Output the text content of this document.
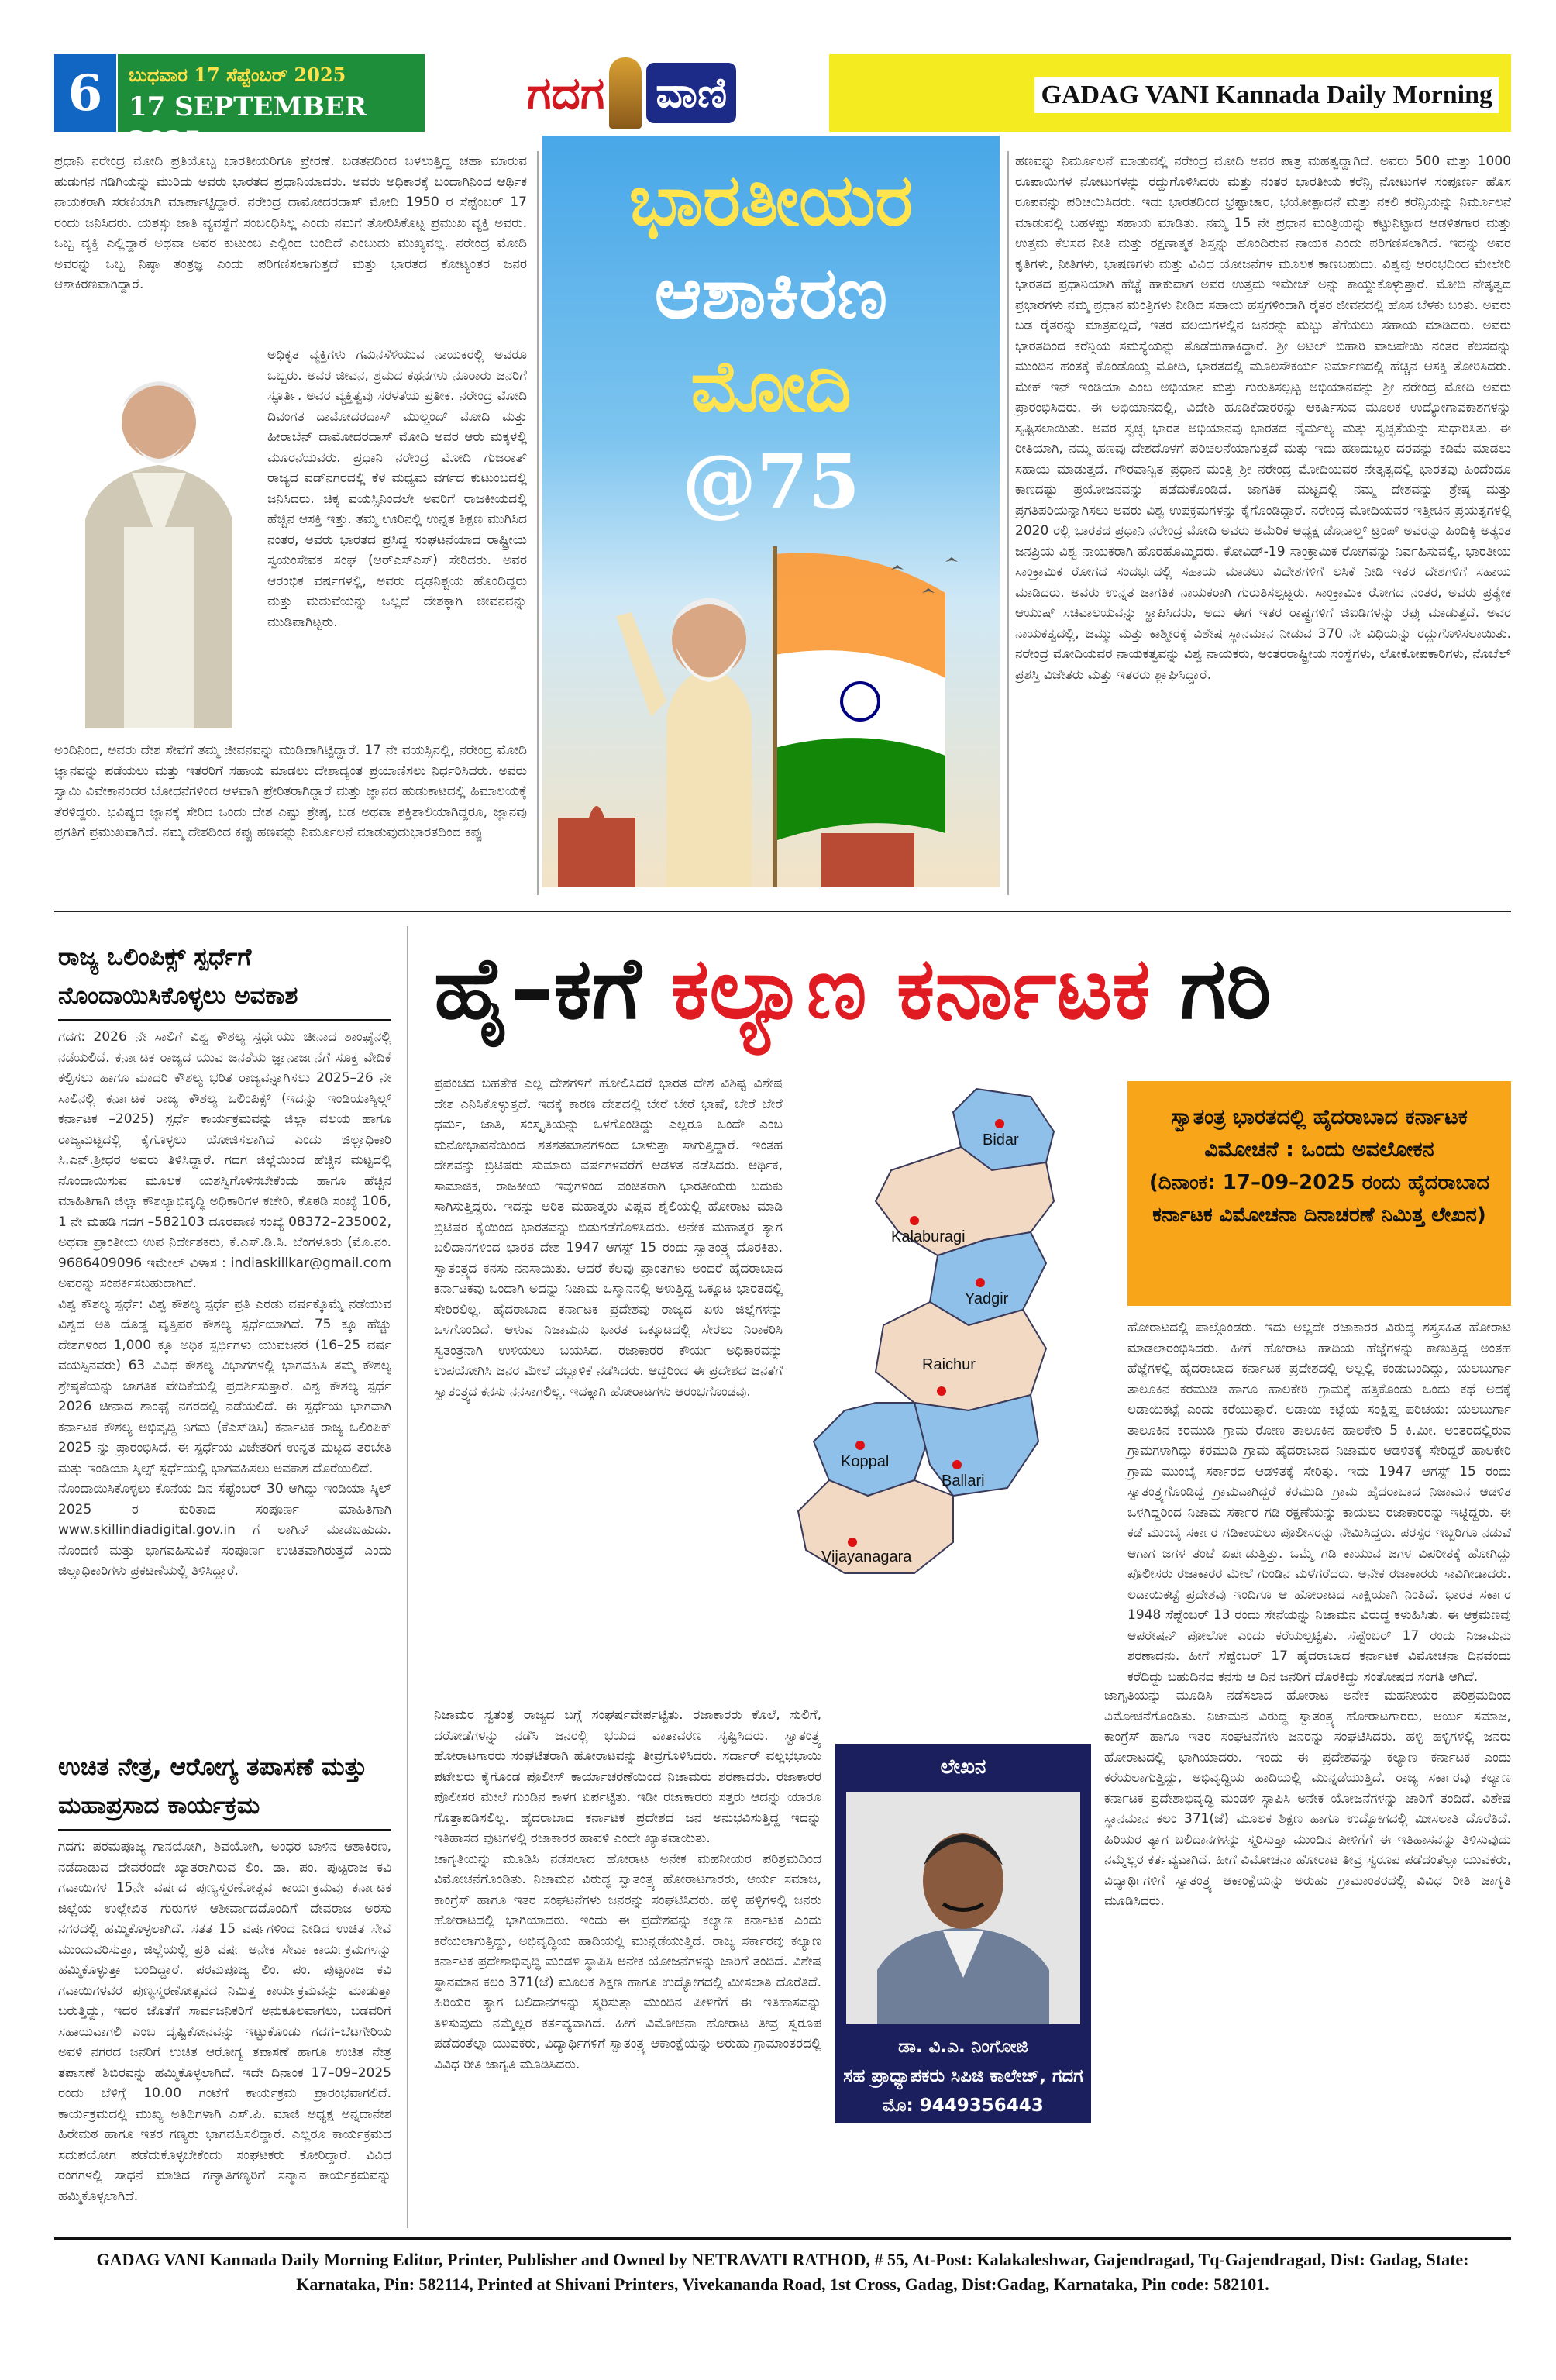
6	ಬುಧವಾರ 17 ಸೆಪ್ಟೆಂಬರ್ 2025
17 SEPTEMBER 2025
ಗದಗ ವಾಣಿ	GADAG VANI Kannada Daily Morning

ಪ್ರಧಾನಿ ನರೇಂದ್ರ ಮೋದಿ ಪ್ರತಿಯೊಬ್ಬ ಭಾರತೀಯರಿಗೂ ಪ್ರೇರಣೆ. ಬಡತನದಿಂದ ಬಳಲುತ್ತಿದ್ದ ಚಹಾ ಮಾರುವ ಹುಡುಗನ ಗಡಿಗಿಯನ್ನು ಮುರಿದು ಅವರು ಭಾರತದ ಪ್ರಧಾನಿಯಾದರು. ಅವರು ಅಧಿಕಾರಕ್ಕೆ ಬಂದಾಗಿನಿಂದ ಆರ್ಥಿಕ ನಾಯಕರಾಗಿ ಸರಣಿಯಾಗಿ ಮಾರ್ಪಾಟ್ಟಿದ್ದಾರೆ. ನರೇಂದ್ರ ದಾಮೋದರದಾಸ್ ಮೋದಿ 1950 ರ ಸೆಪ್ಟೆಂಬರ್ 17 ರಂದು ಜನಿಸಿದರು. ಯಶಸ್ಸು ಜಾತಿ ವ್ಯವಸ್ಥೆಗೆ ಸಂಬಂಧಿಸಿಲ್ಲ ಎಂದು ನಮಗೆ ತೋರಿಸಿಕೊಟ್ಟ ಪ್ರಮುಖ ವ್ಯಕ್ತಿ ಅವರು. ಒಬ್ಬ ವ್ಯಕ್ತಿ ಎಲ್ಲಿದ್ದಾರೆ ಅಥವಾ ಅವರ ಕುಟುಂಬ ಎಲ್ಲಿಂದ ಬಂದಿದೆ ಎಂಬುದು ಮುಖ್ಯವಲ್ಲ. ನರೇಂದ್ರ ಮೋದಿ ಅವರನ್ನು ಒಬ್ಬ ನಿಷ್ಠಾ ತಂತ್ರಜ್ಞ ಎಂದು ಪರಿಗಣಿಸಲಾಗುತ್ತದೆ ಮತ್ತು ಭಾರತದ ಕೋಟ್ಯಂತರ ಜನರ ಆಶಾಕಿರಣವಾಗಿದ್ದಾರೆ.

ಅಧಿಕೃತ ವ್ಯಕ್ತಿಗಳು ಗಮನಸೆಳೆಯುವ ನಾಯಕರಲ್ಲಿ ಅವರೂ ಒಬ್ಬರು. ಅವರ ಜೀವನ, ಶ್ರಮದ ಕಥನಗಳು ನೂರಾರು ಜನರಿಗೆ ಸ್ಫೂರ್ತಿ. ಅವರ ವ್ಯಕ್ತಿತ್ವವು ಸರಳತೆಯ ಪ್ರತೀಕ. ನರೇಂದ್ರ ಮೋದಿ ದಿವಂಗತ ದಾಮೋದರದಾಸ್ ಮುಲ್ಚಂದ್ ಮೋದಿ ಮತ್ತು ಹೀರಾಬೆನ್ ದಾಮೋದರದಾಸ್ ಮೋದಿ ಅವರ ಆರು ಮಕ್ಕಳಲ್ಲಿ ಮೂರನೆಯವರು. ಪ್ರಧಾನಿ ನರೇಂದ್ರ ಮೋದಿ ಗುಜರಾತ್ ರಾಜ್ಯದ ವಡ್‌ನಗರದಲ್ಲಿ ಕೆಳ ಮಧ್ಯಮ ವರ್ಗದ ಕುಟುಂಬದಲ್ಲಿ ಜನಿಸಿದರು. ಚಿಕ್ಕ ವಯಸ್ಸಿನಿಂದಲೇ ಅವರಿಗೆ ರಾಜಕೀಯದಲ್ಲಿ ಹೆಚ್ಚಿನ ಆಸಕ್ತಿ ಇತ್ತು. ತಮ್ಮ ಊರಿನಲ್ಲಿ ಉನ್ನತ ಶಿಕ್ಷಣ ಮುಗಿಸಿದ ನಂತರ, ಅವರು ಭಾರತದ ಪ್ರಸಿದ್ಧ ಸಂಘಟನೆಯಾದ ರಾಷ್ಟ್ರೀಯ ಸ್ವಯಂಸೇವಕ ಸಂಘ (ಆರ್‌ಎಸ್‌ಎಸ್) ಸೇರಿದರು. ಅವರ ಆರಂಭಿಕ ವರ್ಷಗಳಲ್ಲಿ, ಅವರು ದೃಢನಿಶ್ಚಯ ಹೊಂದಿದ್ದರು ಮತ್ತು ಮದುವೆಯನ್ನು ಒಲ್ಲದೆ ದೇಶಕ್ಕಾಗಿ ಜೀವನವನ್ನು ಮುಡಿಪಾಗಿಟ್ಟರು.

ಅಂದಿನಿಂದ, ಅವರು ದೇಶ ಸೇವೆಗೆ ತಮ್ಮ ಜೀವನವನ್ನು ಮುಡಿಪಾಗಿಟ್ಟಿದ್ದಾರೆ. 17 ನೇ ವಯಸ್ಸಿನಲ್ಲಿ, ನರೇಂದ್ರ ಮೋದಿ ಜ್ಞಾನವನ್ನು ಪಡೆಯಲು ಮತ್ತು ಇತರರಿಗೆ ಸಹಾಯ ಮಾಡಲು ದೇಶಾದ್ಯಂತ ಪ್ರಯಾಣಿಸಲು ನಿರ್ಧರಿಸಿದರು. ಅವರು ಸ್ವಾಮಿ ವಿವೇಕಾನಂದರ ಬೋಧನೆಗಳಿಂದ ಆಳವಾಗಿ ಪ್ರೇರಿತರಾಗಿದ್ದಾರೆ ಮತ್ತು ಜ್ಞಾನದ ಹುಡುಕಾಟದಲ್ಲಿ ಹಿಮಾಲಯಕ್ಕೆ ತೆರಳಿದ್ದರು. ಭವಿಷ್ಯದ ಜ್ಞಾನಕ್ಕೆ ಸೇರಿದ ಒಂದು ದೇಶ ಎಷ್ಟು ಶ್ರೇಷ್ಠ, ಬಡ ಅಥವಾ ಶಕ್ತಿಶಾಲಿಯಾಗಿದ್ದರೂ, ಜ್ಞಾನವು ಪ್ರಗತಿಗೆ ಪ್ರಮುಖವಾಗಿದೆ. ನಮ್ಮ ದೇಶದಿಂದ ಕಪ್ಪು ಹಣವನ್ನು ನಿರ್ಮೂಲನೆ ಮಾಡುವುದುಭಾರತದಿಂದ ಕಪ್ಪು

ಭಾರತೀಯರ
ಆಶಾಕಿರಣ
ಮೋದಿ
@75

ಹಣವನ್ನು ನಿರ್ಮೂಲನೆ ಮಾಡುವಲ್ಲಿ ನರೇಂದ್ರ ಮೋದಿ ಅವರ ಪಾತ್ರ ಮಹತ್ವದ್ದಾಗಿದೆ. ಅವರು 500 ಮತ್ತು 1000 ರೂಪಾಯಿಗಳ ನೋಟುಗಳನ್ನು ರದ್ದುಗೊಳಿಸಿದರು ಮತ್ತು ನಂತರ ಭಾರತೀಯ ಕರೆನ್ಸಿ ನೋಟುಗಳ ಸಂಪೂರ್ಣ ಹೊಸ ರೂಪವನ್ನು ಪರಿಚಯಿಸಿದರು. ಇದು ಭಾರತದಿಂದ ಭ್ರಷ್ಟಾಚಾರ, ಭಯೋತ್ಪಾದನೆ ಮತ್ತು ನಕಲಿ ಕರೆನ್ಸಿಯನ್ನು ನಿರ್ಮೂಲನೆ ಮಾಡುವಲ್ಲಿ ಬಹಳಷ್ಟು ಸಹಾಯ ಮಾಡಿತು. ನಮ್ಮ 15 ನೇ ಪ್ರಧಾನ ಮಂತ್ರಿಯನ್ನು ಕಟ್ಟುನಿಟ್ಟಾದ ಆಡಳಿತಗಾರ ಮತ್ತು ಉತ್ತಮ ಕೆಲಸದ ನೀತಿ ಮತ್ತು ರಕ್ಷಣಾತ್ಮಕ ಶಿಸ್ತನ್ನು ಹೊಂದಿರುವ ನಾಯಕ ಎಂದು ಪರಿಗಣಿಸಲಾಗಿದೆ. ಇದನ್ನು ಅವರ ಕೃತಿಗಳು, ನೀತಿಗಳು, ಭಾಷಣಗಳು ಮತ್ತು ವಿವಿಧ ಯೋಜನೆಗಳ ಮೂಲಕ ಕಾಣಬಹುದು. ವಿಶ್ವವು ಆರಂಭದಿಂದ ಮೇಲೇರಿ ಭಾರತದ ಪ್ರಧಾನಿಯಾಗಿ ಹೆಚ್ಚೆ ಹಾಕುವಾಗ ಅವರ ಉತ್ತಮ ಇಮೇಜ್ ಅನ್ನು ಕಾಯ್ದುಕೊಳ್ಳುತ್ತಾರೆ. ಮೋದಿ ನೇತೃತ್ವದ ಪ್ರಭಾರಗಳು ನಮ್ಮ ಪ್ರಧಾನ ಮಂತ್ರಿಗಳು ನೀಡಿದ ಸಹಾಯ ಹಸ್ತಗಳಿಂದಾಗಿ ರೈತರ ಜೀವನದಲ್ಲಿ ಹೊಸ ಬೆಳಕು ಬಂತು. ಅವರು ಬಡ ರೈತರನ್ನು ಮಾತ್ರವಲ್ಲದೆ, ಇತರ ವಲಯಗಳಲ್ಲಿನ ಜನರನ್ನು ಮಬ್ಬು ತೆಗೆಯಲು ಸಹಾಯ ಮಾಡಿದರು. ಅವರು ಭಾರತದಿಂದ ಕರೆನ್ಸಿಯ ಸಮಸ್ಯೆಯನ್ನು ತೊಡೆದುಹಾಕಿದ್ದಾರೆ. ಶ್ರೀ ಅಟಲ್ ಬಿಹಾರಿ ವಾಜಪೇಯಿ ನಂತರ ಕೆಲಸವನ್ನು ಮುಂದಿನ ಹಂತಕ್ಕೆ ಕೊಂಡೊಯ್ದ ಮೋದಿ, ಭಾರತದಲ್ಲಿ ಮೂಲಸೌಕರ್ಯ ನಿರ್ಮಾಣದಲ್ಲಿ ಹೆಚ್ಚಿನ ಆಸಕ್ತಿ ತೋರಿಸಿದರು. ಮೇಕ್ ಇನ್ ಇಂಡಿಯಾ ಎಂಬ ಅಭಿಯಾನ ಮತ್ತು ಗುರುತಿಸಲ್ಪಟ್ಟ ಅಭಿಯಾನವನ್ನು ಶ್ರೀ ನರೇಂದ್ರ ಮೋದಿ ಅವರು ಪ್ರಾರಂಭಿಸಿದರು. ಈ ಅಭಿಯಾನದಲ್ಲಿ, ವಿದೇಶಿ ಹೂಡಿಕೆದಾರರನ್ನು ಆಕರ್ಷಿಸುವ ಮೂಲಕ ಉದ್ಯೋಗಾವಕಾಶಗಳನ್ನು ಸೃಷ್ಟಿಸಲಾಯಿತು. ಅವರ ಸ್ವಚ್ಛ ಭಾರತ ಅಭಿಯಾನವು ಭಾರತದ ನೈರ್ಮಲ್ಯ ಮತ್ತು ಸ್ವಚ್ಛತೆಯನ್ನು ಸುಧಾರಿಸಿತು. ಈ ರೀತಿಯಾಗಿ, ನಮ್ಮ ಹಣವು ದೇಶದೊಳಗೆ ಪರಿಚಲನೆಯಾಗುತ್ತದೆ ಮತ್ತು ಇದು ಹಣದುಬ್ಬರ ದರವನ್ನು ಕಡಿಮೆ ಮಾಡಲು ಸಹಾಯ ಮಾಡುತ್ತದೆ. ಗೌರವಾನ್ವಿತ ಪ್ರಧಾನ ಮಂತ್ರಿ ಶ್ರೀ ನರೇಂದ್ರ ಮೋದಿಯವರ ನೇತೃತ್ವದಲ್ಲಿ ಭಾರತವು ಹಿಂದೆಂದೂ ಕಾಣದಷ್ಟು ಪ್ರಯೋಜನವನ್ನು ಪಡೆದುಕೊಂಡಿದೆ. ಜಾಗತಿಕ ಮಟ್ಟದಲ್ಲಿ ನಮ್ಮ ದೇಶವನ್ನು ಶ್ರೇಷ್ಠ ಮತ್ತು ಪ್ರಗತಿಪರಿಯನ್ನಾಗಿಸಲು ಅವರು ವಿಶ್ವ ಉಪಕ್ರಮಗಳನ್ನು ಕೈಗೊಂಡಿದ್ದಾರೆ. ನರೇಂದ್ರ ಮೋದಿಯವರ ಇತ್ತೀಚಿನ ಪ್ರಯತ್ನಗಳಲ್ಲಿ 2020 ರಲ್ಲಿ ಭಾರತದ ಪ್ರಧಾನಿ ನರೇಂದ್ರ ಮೋದಿ ಅವರು ಅಮೆರಿಕ ಅಧ್ಯಕ್ಷ ಡೊನಾಲ್ಡ್ ಟ್ರಂಪ್ ಅವರನ್ನು ಹಿಂದಿಕ್ಕಿ ಅತ್ಯಂತ ಜನಪ್ರಿಯ ವಿಶ್ವ ನಾಯಕರಾಗಿ ಹೊರಹೊಮ್ಮಿದರು. ಕೋವಿಡ್-19 ಸಾಂಕ್ರಾಮಿಕ ರೋಗವನ್ನು ನಿರ್ವಹಿಸುವಲ್ಲಿ, ಭಾರತೀಯ ಸಾಂಕ್ರಾಮಿಕ ರೋಗದ ಸಂದರ್ಭದಲ್ಲಿ ಸಹಾಯ ಮಾಡಲು ವಿದೇಶಗಳಿಗೆ ಲಸಿಕೆ ನೀಡಿ ಇತರ ದೇಶಗಳಿಗೆ ಸಹಾಯ ಮಾಡಿದರು. ಅವರು ಉನ್ನತ ಜಾಗತಿಕ ನಾಯಕರಾಗಿ ಗುರುತಿಸಲ್ಪಟ್ಟರು. ಸಾಂಕ್ರಾಮಿಕ ರೋಗದ ನಂತರ, ಅವರು ಪ್ರತ್ಯೇಕ ಆಯುಷ್ ಸಚಿವಾಲಯವನ್ನು ಸ್ಥಾಪಿಸಿದರು, ಅದು ಈಗ ಇತರ ರಾಷ್ಟ್ರಗಳಿಗೆ ಜಿಐಡಿಗಳನ್ನು ರಫ್ತು ಮಾಡುತ್ತದೆ. ಅವರ ನಾಯಕತ್ವದಲ್ಲಿ, ಜಮ್ಮು ಮತ್ತು ಕಾಶ್ಮೀರಕ್ಕೆ ವಿಶೇಷ ಸ್ಥಾನಮಾನ ನೀಡುವ 370 ನೇ ವಿಧಿಯನ್ನು ರದ್ದುಗೊಳಿಸಲಾಯಿತು. ನರೇಂದ್ರ ಮೋದಿಯವರ ನಾಯಕತ್ವವನ್ನು ವಿಶ್ವ ನಾಯಕರು, ಅಂತರರಾಷ್ಟ್ರೀಯ ಸಂಸ್ಥೆಗಳು, ಲೋಕೋಪಕಾರಿಗಳು, ನೊಬೆಲ್ ಪ್ರಶಸ್ತಿ ವಿಜೇತರು ಮತ್ತು ಇತರರು ಶ್ಲಾಘಿಸಿದ್ದಾರೆ.

ರಾಜ್ಯ ಒಲಿಂಪಿಕ್ಸ್ ಸ್ಪರ್ಧೆಗೆ ನೊಂದಾಯಿಸಿಕೊಳ್ಳಲು ಅವಕಾಶ

ಗದಗ: 2026 ನೇ ಸಾಲಿಗೆ ವಿಶ್ವ ಕೌಶಲ್ಯ ಸ್ಪರ್ಧೆಯು ಚೀನಾದ ಶಾಂಘೈನಲ್ಲಿ ನಡೆಯಲಿದೆ. ಕರ್ನಾಟಕ ರಾಜ್ಯದ ಯುವ ಜನತೆಯ ಜ್ಞಾನಾರ್ಜನೆಗೆ ಸೂಕ್ತ ವೇದಿಕೆ ಕಲ್ಪಿಸಲು ಹಾಗೂ ಮಾದರಿ ಕೌಶಲ್ಯ ಭರಿತ ರಾಜ್ಯವನ್ನಾಗಿಸಲು 2025–26 ನೇ ಸಾಲಿನಲ್ಲಿ ಕರ್ನಾಟಕ ರಾಜ್ಯ ಕೌಶಲ್ಯ ಒಲಿಂಪಿಕ್ಸ್ (ಇದನ್ನು ಇಂಡಿಯಾಸ್ಕಿಲ್ಸ್ ಕರ್ನಾಟಕ –2025) ಸ್ಪರ್ಧೆ ಕಾರ್ಯಕ್ರಮವನ್ನು ಜಿಲ್ಲಾ ವಲಯ ಹಾಗೂ ರಾಜ್ಯಮಟ್ಟದಲ್ಲಿ ಕೈಗೊಳ್ಳಲು ಯೋಜಿಸಲಾಗಿದೆ ಎಂದು ಜಿಲ್ಲಾಧಿಕಾರಿ ಸಿ.ಎನ್.ಶ್ರೀಧರ ಅವರು ತಿಳಿಸಿದ್ದಾರೆ. ಗದಗ ಜಿಲ್ಲೆಯಿಂದ ಹೆಚ್ಚಿನ ಮಟ್ಟದಲ್ಲಿ ನೊಂದಾಯಿಸುವ ಮೂಲಕ ಯಶಸ್ವಿಗೊಳಿಸಬೇಕೆಂದು ಹಾಗೂ ಹೆಚ್ಚಿನ ಮಾಹಿತಿಗಾಗಿ ಜಿಲ್ಲಾ ಕೌಶಲ್ಯಾಭಿವೃದ್ಧಿ ಅಧಿಕಾರಿಗಳ ಕಚೇರಿ, ಕೊಠಡಿ ಸಂಖ್ಯೆ 106, 1 ನೇ ಮಹಡಿ ಗದಗ –582103 ದೂರವಾಣಿ ಸಂಖ್ಯೆ 08372–235002, ಅಥವಾ ಪ್ರಾಂತೀಯ ಉಪ ನಿರ್ದೇಶಕರು, ಕೆ.ಎಸ್.ಡಿ.ಸಿ. ಬೆಂಗಳೂರು (ಮೊ.ನಂ. 9686409096 ಇಮೇಲ್ ವಿಳಾಸ : indiaskillkar@gmail.com ಅವರನ್ನು ಸಂಪರ್ಕಿಸಬಹುದಾಗಿದೆ.

ವಿಶ್ವ ಕೌಶಲ್ಯ ಸ್ಪರ್ಧೆ: ವಿಶ್ವ ಕೌಶಲ್ಯ ಸ್ಪರ್ಧೆ ಪ್ರತಿ ಎರಡು ವರ್ಷಕ್ಕೊಮ್ಮೆ ನಡೆಯುವ ವಿಶ್ವದ ಅತಿ ದೊಡ್ಡ ವೃತ್ತಿಪರ ಕೌಶಲ್ಯ ಸ್ಪರ್ಧೆಯಾಗಿದೆ. 75 ಕ್ಕೂ ಹೆಚ್ಚು ದೇಶಗಳಿಂದ 1,000 ಕ್ಕೂ ಅಧಿಕ ಸ್ಪರ್ಧಿಗಳು ಯುವಜನರೆ (16–25 ವರ್ಷ ವಯಸ್ಸಿನವರು) 63 ವಿವಿಧ ಕೌಶಲ್ಯ ವಿಭಾಗಗಳಲ್ಲಿ ಭಾಗವಹಿಸಿ ತಮ್ಮ ಕೌಶಲ್ಯ ಶ್ರೇಷ್ಠತೆಯನ್ನು ಜಾಗತಿಕ ವೇದಿಕೆಯಲ್ಲಿ ಪ್ರದರ್ಶಿಸುತ್ತಾರೆ. ವಿಶ್ವ ಕೌಶಲ್ಯ ಸ್ಪರ್ಧೆ 2026 ಚೀನಾದ ಶಾಂಘೈ ನಗರದಲ್ಲಿ ನಡೆಯಲಿದೆ. ಈ ಸ್ಪರ್ಧೆಯ ಭಾಗವಾಗಿ ಕರ್ನಾಟಕ ಕೌಶಲ್ಯ ಅಭಿವೃದ್ಧಿ ನಿಗಮ (ಕೆಎಸ್‌ಡಿಸಿ) ಕರ್ನಾಟಕ ರಾಜ್ಯ ಒಲಿಂಪಿಕ್ 2025 ನ್ನು ಪ್ರಾರಂಭಿಸಿದೆ. ಈ ಸ್ಪರ್ಧೆಯ ವಿಜೇತರಿಗೆ ಉನ್ನತ ಮಟ್ಟದ ತರಬೇತಿ ಮತ್ತು ಇಂಡಿಯಾ ಸ್ಕಿಲ್ಸ್ ಸ್ಪರ್ಧೆಯಲ್ಲಿ ಭಾಗವಹಿಸಲು ಅವಕಾಶ ದೊರೆಯಲಿದೆ.

ನೊಂದಾಯಿಸಿಕೊಳ್ಳಲು ಕೊನೆಯ ದಿನ ಸೆಪ್ಟೆಂಬರ್ 30 ಆಗಿದ್ದು ಇಂಡಿಯಾ ಸ್ಕಿಲ್ 2025 ರ ಕುರಿತಾದ ಸಂಪೂರ್ಣ ಮಾಹಿತಿಗಾಗಿ www.skillindiadigital.gov.in ಗೆ ಲಾಗಿನ್ ಮಾಡಬಹುದು. ನೊಂದಣಿ ಮತ್ತು ಭಾಗವಹಿಸುವಿಕೆ ಸಂಪೂರ್ಣ ಉಚಿತವಾಗಿರುತ್ತದೆ ಎಂದು ಜಿಲ್ಲಾಧಿಕಾರಿಗಳು ಪ್ರಕಟಣೆಯಲ್ಲಿ ತಿಳಿಸಿದ್ದಾರೆ.

ಉಚಿತ ನೇತ್ರ, ಆರೋಗ್ಯ ತಪಾಸಣೆ ಮತ್ತು ಮಹಾಪ್ರಸಾದ ಕಾರ್ಯಕ್ರಮ

ಗದಗ: ಪರಮಪೂಜ್ಯ ಗಾನಯೋಗಿ, ಶಿವಯೋಗಿ, ಅಂಧರ ಬಾಳಿನ ಆಶಾಕಿರಣ, ನಡೆದಾಡುವ ದೇವರೆಂದೇ ಖ್ಯಾತರಾಗಿರುವ ಲಿಂ. ಡಾ. ಪಂ. ಪುಟ್ಟರಾಜ ಕವಿ ಗವಾಯಿಗಳ 15ನೇ ವರ್ಷದ ಪುಣ್ಯಸ್ಮರಣೋತ್ಸವ ಕಾರ್ಯಕ್ರಮವು ಕರ್ನಾಟಕ ಜಿಲ್ಲೆಯ ಉಲ್ಲೇಖಿತ ಗುರುಗಳ ಆಶೀರ್ವಾದದೊಂದಿಗೆ ದೇವರಾಜ ಅರಸು ನಗರದಲ್ಲಿ ಹಮ್ಮಿಕೊಳ್ಳಲಾಗಿದೆ. ಸತತ 15 ವರ್ಷಗಳಿಂದ ನೀಡಿದ ಉಚಿತ ಸೇವೆ ಮುಂದುವರಿಸುತ್ತಾ, ಜಿಲ್ಲೆಯಲ್ಲಿ ಪ್ರತಿ ವರ್ಷ ಅನೇಕ ಸೇವಾ ಕಾರ್ಯಕ್ರಮಗಳನ್ನು ಹಮ್ಮಿಕೊಳ್ಳುತ್ತಾ ಬಂದಿದ್ದಾರೆ. ಪರಮಪೂಜ್ಯ ಲಿಂ. ಪಂ. ಪುಟ್ಟರಾಜ ಕವಿ ಗವಾಯಿಗಳವರ ಪುಣ್ಯಸ್ಮರಣೋತ್ಸವದ ನಿಮಿತ್ತ ಕಾರ್ಯಕ್ರಮವನ್ನು ಮಾಡುತ್ತಾ ಬರುತ್ತಿದ್ದು, ಇದರ ಜೊತೆಗೆ ಸಾರ್ವಜನಿಕರಿಗೆ ಅನುಕೂಲವಾಗಲು, ಬಡವರಿಗೆ ಸಹಾಯವಾಗಲಿ ಎಂಬ ದೃಷ್ಟಿಕೋನವನ್ನು ಇಟ್ಟುಕೊಂಡು ಗದಗ–ಬೆಟಗೇರಿಯ ಅವಳಿ ನಗರದ ಜನರಿಗೆ ಉಚಿತ ಆರೋಗ್ಯ ತಪಾಸಣೆ ಹಾಗೂ ಉಚಿತ ನೇತ್ರ ತಪಾಸಣೆ ಶಿಬಿರವನ್ನು ಹಮ್ಮಿಕೊಳ್ಳಲಾಗಿದೆ. ಇದೇ ದಿನಾಂಕ 17–09–2025 ರಂದು ಬೆಳಿಗ್ಗೆ 10.00 ಗಂಟೆಗೆ ಕಾರ್ಯಕ್ರಮ ಪ್ರಾರಂಭವಾಗಲಿದೆ. ಕಾರ್ಯಕ್ರಮದಲ್ಲಿ ಮುಖ್ಯ ಅತಿಥಿಗಳಾಗಿ ಎಸ್.ಪಿ. ಮಾಜಿ ಅಧ್ಯಕ್ಷ ಅನ್ನದಾನೇಶ ಹಿರೇಮಠ ಹಾಗೂ ಇತರ ಗಣ್ಯರು ಭಾಗವಹಿಸಲಿದ್ದಾರೆ. ಎಲ್ಲರೂ ಕಾರ್ಯಕ್ರಮದ ಸದುಪಯೋಗ ಪಡೆದುಕೊಳ್ಳಬೇಕೆಂದು ಸಂಘಟಕರು ಕೋರಿದ್ದಾರೆ. ವಿವಿಧ ರಂಗಗಳಲ್ಲಿ ಸಾಧನೆ ಮಾಡಿದ ಗಣ್ಯಾತಿಗಣ್ಯರಿಗೆ ಸನ್ಮಾನ ಕಾರ್ಯಕ್ರಮವನ್ನು ಹಮ್ಮಿಕೊಳ್ಳಲಾಗಿದೆ.

ಹೈ–ಕಗೆ ಕಲ್ಯಾಣ ಕರ್ನಾಟಕ ಗರಿ

ಪ್ರಪಂಚದ ಬಹತೇಕ ಎಲ್ಲ ದೇಶಗಳಿಗೆ ಹೋಲಿಸಿದರೆ ಭಾರತ ದೇಶ ವಿಶಿಷ್ಟ ವಿಶೇಷ ದೇಶ ಎನಿಸಿಕೊಳ್ಳುತ್ತದೆ. ಇದಕ್ಕೆ ಕಾರಣ ದೇಶದಲ್ಲಿ ಬೇರೆ ಬೇರೆ ಭಾಷೆ, ಬೇರೆ ಬೇರೆ ಧರ್ಮ, ಜಾತಿ, ಸಂಸ್ಕೃತಿಯನ್ನು ಒಳಗೊಂಡಿದ್ದು ಎಲ್ಲರೂ ಒಂದೇ ಎಂಬ ಮನೋಭಾವನೆಯಿಂದ ಶತಶತಮಾನಗಳಿಂದ ಬಾಳುತ್ತಾ ಸಾಗುತ್ತಿದ್ದಾರೆ. ಇಂತಹ ದೇಶವನ್ನು ಬ್ರಿಟಿಷರು ಸುಮಾರು ವರ್ಷಗಳವರೆಗೆ ಆಡಳಿತ ನಡೆಸಿದರು. ಆರ್ಥಿಕ, ಸಾಮಾಜಿಕ, ರಾಜಕೀಯ ಇವುಗಳಿಂದ ವಂಚಿತರಾಗಿ ಭಾರತೀಯರು ಬದುಕು ಸಾಗಿಸುತ್ತಿದ್ದರು. ಇದನ್ನು ಅರಿತ ಮಹಾತ್ಮರು ವಿಪ್ಲವ ಶೈಲಿಯಲ್ಲಿ ಹೋರಾಟ ಮಾಡಿ ಬ್ರಿಟಿಷರ ಕೈಯಿಂದ ಭಾರತವನ್ನು ಬಿಡುಗಡೆಗೊಳಿಸಿದರು. ಅನೇಕ ಮಹಾತ್ಮರ ತ್ಯಾಗ ಬಲಿದಾನಗಳಿಂದ ಭಾರತ ದೇಶ 1947 ಆಗಸ್ಟ್ 15 ರಂದು ಸ್ವಾತಂತ್ರ್ಯ ದೊರಕಿತು. ಸ್ವಾತಂತ್ರ್ಯದ ಕನಸು ನನಸಾಯಿತು. ಆದರೆ ಕೆಲವು ಪ್ರಾಂತಗಳು ಅಂದರೆ ಹೈದರಾಬಾದ ಕರ್ನಾಟಕವು ಒಂದಾಗಿ ಅದನ್ನು ನಿಜಾಮ ಒಸ್ಮಾನನಲ್ಲಿ ಅಳುತ್ತಿದ್ದ ಒಕ್ಕೂಟ ಭಾರತದಲ್ಲಿ ಸೇರಿರಲಿಲ್ಲ. ಹೈದರಾಬಾದ ಕರ್ನಾಟಕ ಪ್ರದೇಶವು ರಾಜ್ಯದ ಏಳು ಜಿಲ್ಲೆಗಳನ್ನು ಒಳಗೊಂಡಿದೆ. ಆಳುವ ನಿಜಾಮನು ಭಾರತ ಒಕ್ಕೂಟದಲ್ಲಿ ಸೇರಲು ನಿರಾಕರಿಸಿ ಸ್ವತಂತ್ರನಾಗಿ ಉಳಿಯಲು ಬಯಸಿದ. ರಜಾಕಾರರ ಕೌರ್ಯ ಅಧಿಕಾರವನ್ನು ಉಪಯೋಗಿಸಿ ಜನರ ಮೇಲೆ ದಬ್ಬಾಳಿಕೆ ನಡೆಸಿದರು. ಆದ್ದರಿಂದ ಈ ಪ್ರದೇಶದ ಜನತೆಗೆ ಸ್ವಾತಂತ್ರ್ಯದ ಕನಸು ನನಸಾಗಲಿಲ್ಲ. ಇದಕ್ಕಾಗಿ ಹೋರಾಟಗಳು ಆರಂಭಗೊಂಡವು.

Bidar
Kalaburagi
Yadgir
Raichur
Koppal
Ballari
Vijayanagara
ಸ್ವಾತಂತ್ರ ಭಾರತದಲ್ಲಿ ಹೈದರಾಬಾದ ಕರ್ನಾಟಕ ವಿಮೋಚನೆ : ಒಂದು ಅವಲೋಕನ
(ದಿನಾಂಕ: 17–09–2025 ರಂದು ಹೈದರಾಬಾದ ಕರ್ನಾಟಕ ವಿಮೋಚನಾ ದಿನಾಚರಣೆ ನಿಮಿತ್ತ ಲೇಖನ)

ಹೋರಾಟದಲ್ಲಿ ಪಾಲ್ಗೊಂಡರು. ಇದು ಅಲ್ಲದೇ ರಜಾಕಾರರ ವಿರುದ್ಧ ಶಸ್ತ್ರಸಹಿತ ಹೋರಾಟ ಮಾಡಲಾರಂಭಿಸಿದರು. ಹೀಗೆ ಹೋರಾಟ ಹಾದಿಯ ಹೆಜ್ಜೆಗಳನ್ನು ಕಾಣುತ್ತಿದ್ದ ಅಂತಹ ಹೆಜ್ಜೆಗಳಲ್ಲಿ ಹೈದರಾಬಾದ ಕರ್ನಾಟಕ ಪ್ರದೇಶದಲ್ಲಿ ಅಲ್ಲಲ್ಲಿ ಕಂಡುಬಂದಿದ್ದು, ಯಲಬುರ್ಗಾ ತಾಲೂಕಿನ ಕರಮುಡಿ ಹಾಗೂ ಹಾಲಕೇರಿ ಗ್ರಾಮಕ್ಕೆ ಹತ್ತಿಕೊಂಡು ಒಂದು ಕಥೆ ಅದಕ್ಕೆ ಲಡಾಯಿಕಟ್ಟೆ ಎಂದು ಕರೆಯುತ್ತಾರೆ. ಲಡಾಯಿ ಕಟ್ಟೆಯ ಸಂಕ್ಷಿಪ್ತ ಪರಿಚಯ: ಯಲಬುರ್ಗಾ ತಾಲೂಕಿನ ಕರಮುಡಿ ಗ್ರಾಮ ರೋಣ ತಾಲೂಕಿನ ಹಾಲಕೇರಿ 5 ಕಿ.ಮೀ. ಅಂತರದಲ್ಲಿರುವ ಗ್ರಾಮಗಳಾಗಿದ್ದು ಕರಮುಡಿ ಗ್ರಾಮ ಹೈದರಾಬಾದ ನಿಜಾಮರ ಆಡಳಿತಕ್ಕೆ ಸೇರಿದ್ದರೆ ಹಾಲಕೇರಿ ಗ್ರಾಮ ಮುಂಬೈ ಸರ್ಕಾರದ ಆಡಳಿತಕ್ಕೆ ಸೇರಿತ್ತು. ಇದು 1947 ಆಗಸ್ಟ್ 15 ರಂದು ಸ್ವಾತಂತ್ರ್ಯಗೊಂಡಿದ್ದ ಗ್ರಾಮವಾಗಿದ್ದರೆ ಕರಮುಡಿ ಗ್ರಾಮ ಹೈದರಾಬಾದ ನಿಜಾಮನ ಆಡಳಿತ ಒಳಗಿದ್ದರಿಂದ ನಿಜಾಮ ಸರ್ಕಾರ ಗಡಿ ರಕ್ಷಣೆಯನ್ನು ಕಾಯಲು ರಜಾಕಾರರನ್ನು ಇಟ್ಟಿದ್ದರು. ಈ ಕಡೆ ಮುಂಬೈ ಸರ್ಕಾರ ಗಡಿಕಾಯಲು ಪೊಲೀಸರನ್ನು ನೇಮಿಸಿದ್ದರು. ಪರಸ್ಪರ ಇಬ್ಬರಿಗೂ ನಡುವೆ ಆಗಾಗ ಜಗಳ ತಂಟೆ ಏರ್ಪಡುತ್ತಿತ್ತು. ಒಮ್ಮೆ ಗಡಿ ಕಾಯುವ ಜಗಳ ವಿಪರೀತಕ್ಕೆ ಹೋಗಿದ್ದು ಪೊಲೀಸರು ರಜಾಕಾರರ ಮೇಲೆ ಗುಂಡಿನ ಮಳೆಗರೆದರು. ಅನೇಕ ರಜಾಕಾರರು ಸಾವಿಗೀಡಾದರು. ಲಡಾಯಿಕಟ್ಟೆ ಪ್ರದೇಶವು ಇಂದಿಗೂ ಆ ಹೋರಾಟದ ಸಾಕ್ಷಿಯಾಗಿ ನಿಂತಿದೆ. ಭಾರತ ಸರ್ಕಾರ 1948 ಸೆಪ್ಟೆಂಬರ್ 13 ರಂದು ಸೇನೆಯನ್ನು ನಿಜಾಮನ ವಿರುದ್ಧ ಕಳುಹಿಸಿತು. ಈ ಆಕ್ರಮಣವು ಆಪರೇಷನ್ ಪೋಲೋ ಎಂದು ಕರೆಯಲ್ಪಟ್ಟಿತು. ಸೆಪ್ಟೆಂಬರ್ 17 ರಂದು ನಿಜಾಮನು ಶರಣಾದನು. ಹೀಗೆ ಸೆಪ್ಟೆಂಬರ್ 17 ಹೈದರಾಬಾದ ಕರ್ನಾಟಕ ವಿಮೋಚನಾ ದಿನವೆಂದು ಕರೆದಿದ್ದು ಬಹುದಿನದ ಕನಸು ಆ ದಿನ ಜನರಿಗೆ ದೊರಕಿದ್ದು ಸಂತೋಷದ ಸಂಗತಿ ಆಗಿದೆ.

ನಿಜಾಮರ ಸ್ವತಂತ್ರ ರಾಜ್ಯದ ಬಗ್ಗೆ ಸಂಘರ್ಷವೇರ್ಪಟ್ಟಿತು. ರಜಾಕಾರರು ಕೊಲೆ, ಸುಲಿಗೆ, ದರೋಡೆಗಳನ್ನು ನಡೆಸಿ ಜನರಲ್ಲಿ ಭಯದ ವಾತಾವರಣ ಸೃಷ್ಟಿಸಿದರು. ಸ್ವಾತಂತ್ರ್ಯ ಹೋರಾಟಗಾರರು ಸಂಘಟಿತರಾಗಿ ಹೋರಾಟವನ್ನು ತೀವ್ರಗೊಳಿಸಿದರು. ಸರ್ದಾರ್ ವಲ್ಲಭಭಾಯಿ ಪಟೇಲರು ಕೈಗೊಂಡ ಪೊಲೀಸ್ ಕಾರ್ಯಾಚರಣೆಯಿಂದ ನಿಜಾಮರು ಶರಣಾದರು. ರಜಾಕಾರರ ಪೊಲೀಸರ ಮೇಲೆ ಗುಂಡಿನ ಕಾಳಗ ಏರ್ಪಟ್ಟಿತು. ಇಡೀ ರಜಾಕಾರರು ಸತ್ತರು ಆದನ್ನು ಯಾರೂ ಗೊತ್ತಾಪಡಿಸಲಿಲ್ಲ. ಹೈದರಾಬಾದ ಕರ್ನಾಟಕ ಪ್ರದೇಶದ ಜನ ಅನುಭವಿಸುತ್ತಿದ್ದ ಇದನ್ನು ಇತಿಹಾಸದ ಪುಟಗಳಲ್ಲಿ ರಜಾಕಾರರ ಹಾವಳಿ ಎಂದೇ ಖ್ಯಾತವಾಯಿತು.

ಜಾಗೃತಿಯನ್ನು ಮೂಡಿಸಿ ನಡೆಸಲಾದ ಹೋರಾಟ ಅನೇಕ ಮಹನೀಯರ ಪರಿಶ್ರಮದಿಂದ ವಿಮೋಚನೆಗೊಂಡಿತು. ನಿಜಾಮನ ವಿರುದ್ಧ ಸ್ವಾತಂತ್ರ್ಯ ಹೋರಾಟಗಾರರು, ಆರ್ಯ ಸಮಾಜ, ಕಾಂಗ್ರೆಸ್ ಹಾಗೂ ಇತರ ಸಂಘಟನೆಗಳು ಜನರನ್ನು ಸಂಘಟಿಸಿದರು. ಹಳ್ಳಿ ಹಳ್ಳಿಗಳಲ್ಲಿ ಜನರು ಹೋರಾಟದಲ್ಲಿ ಭಾಗಿಯಾದರು. ಇಂದು ಈ ಪ್ರದೇಶವನ್ನು ಕಲ್ಯಾಣ ಕರ್ನಾಟಕ ಎಂದು ಕರೆಯಲಾಗುತ್ತಿದ್ದು, ಅಭಿವೃದ್ಧಿಯ ಹಾದಿಯಲ್ಲಿ ಮುನ್ನಡೆಯುತ್ತಿದೆ. ರಾಜ್ಯ ಸರ್ಕಾರವು ಕಲ್ಯಾಣ ಕರ್ನಾಟಕ ಪ್ರದೇಶಾಭಿವೃದ್ಧಿ ಮಂಡಳಿ ಸ್ಥಾಪಿಸಿ ಅನೇಕ ಯೋಜನೆಗಳನ್ನು ಜಾರಿಗೆ ತಂದಿದೆ. ವಿಶೇಷ ಸ್ಥಾನಮಾನ ಕಲಂ 371(ಜೆ) ಮೂಲಕ ಶಿಕ್ಷಣ ಹಾಗೂ ಉದ್ಯೋಗದಲ್ಲಿ ಮೀಸಲಾತಿ ದೊರೆತಿದೆ. ಹಿರಿಯರ ತ್ಯಾಗ ಬಲಿದಾನಗಳನ್ನು ಸ್ಮರಿಸುತ್ತಾ ಮುಂದಿನ ಪೀಳಿಗೆಗೆ ಈ ಇತಿಹಾಸವನ್ನು ತಿಳಿಸುವುದು ನಮ್ಮೆಲ್ಲರ ಕರ್ತವ್ಯವಾಗಿದೆ. ಹೀಗೆ ವಿಮೋಚನಾ ಹೋರಾಟ ತೀವ್ರ ಸ್ವರೂಪ ಪಡೆದಂತೆಲ್ಲಾ ಯುವಕರು, ವಿದ್ಯಾರ್ಥಿಗಳಿಗೆ ಸ್ವಾತಂತ್ರ್ಯ ಆಕಾಂಕ್ಷೆಯನ್ನು ಅರುಹು ಗ್ರಾಮಾಂತರದಲ್ಲಿ ವಿವಿಧ ರೀತಿ ಜಾಗೃತಿ ಮೂಡಿಸಿದರು.

ಲೇಖನ
ಡಾ. ವಿ.ಎ. ನಿಂಗೋಜಿ
ಸಹ ಪ್ರಾಧ್ಯಾಪಕರು ಸಿಪಿಜಿ ಕಾಲೇಜ್, ಗದಗ
ಮೊ: 9449356443

ಜಾಗೃತಿಯನ್ನು ಮೂಡಿಸಿ ನಡೆಸಲಾದ ಹೋರಾಟ ಅನೇಕ ಮಹನೀಯರ ಪರಿಶ್ರಮದಿಂದ ವಿಮೋಚನೆಗೊಂಡಿತು. ನಿಜಾಮನ ವಿರುದ್ಧ ಸ್ವಾತಂತ್ರ್ಯ ಹೋರಾಟಗಾರರು, ಆರ್ಯ ಸಮಾಜ, ಕಾಂಗ್ರೆಸ್ ಹಾಗೂ ಇತರ ಸಂಘಟನೆಗಳು ಜನರನ್ನು ಸಂಘಟಿಸಿದರು. ಹಳ್ಳಿ ಹಳ್ಳಿಗಳಲ್ಲಿ ಜನರು ಹೋರಾಟದಲ್ಲಿ ಭಾಗಿಯಾದರು. ಇಂದು ಈ ಪ್ರದೇಶವನ್ನು ಕಲ್ಯಾಣ ಕರ್ನಾಟಕ ಎಂದು ಕರೆಯಲಾಗುತ್ತಿದ್ದು, ಅಭಿವೃದ್ಧಿಯ ಹಾದಿಯಲ್ಲಿ ಮುನ್ನಡೆಯುತ್ತಿದೆ. ರಾಜ್ಯ ಸರ್ಕಾರವು ಕಲ್ಯಾಣ ಕರ್ನಾಟಕ ಪ್ರದೇಶಾಭಿವೃದ್ಧಿ ಮಂಡಳಿ ಸ್ಥಾಪಿಸಿ ಅನೇಕ ಯೋಜನೆಗಳನ್ನು ಜಾರಿಗೆ ತಂದಿದೆ. ವಿಶೇಷ ಸ್ಥಾನಮಾನ ಕಲಂ 371(ಜೆ) ಮೂಲಕ ಶಿಕ್ಷಣ ಹಾಗೂ ಉದ್ಯೋಗದಲ್ಲಿ ಮೀಸಲಾತಿ ದೊರೆತಿದೆ. ಹಿರಿಯರ ತ್ಯಾಗ ಬಲಿದಾನಗಳನ್ನು ಸ್ಮರಿಸುತ್ತಾ ಮುಂದಿನ ಪೀಳಿಗೆಗೆ ಈ ಇತಿಹಾಸವನ್ನು ತಿಳಿಸುವುದು ನಮ್ಮೆಲ್ಲರ ಕರ್ತವ್ಯವಾಗಿದೆ. ಹೀಗೆ ವಿಮೋಚನಾ ಹೋರಾಟ ತೀವ್ರ ಸ್ವರೂಪ ಪಡೆದಂತೆಲ್ಲಾ ಯುವಕರು, ವಿದ್ಯಾರ್ಥಿಗಳಿಗೆ ಸ್ವಾತಂತ್ರ್ಯ ಆಕಾಂಕ್ಷೆಯನ್ನು ಅರುಹು ಗ್ರಾಮಾಂತರದಲ್ಲಿ ವಿವಿಧ ರೀತಿ ಜಾಗೃತಿ ಮೂಡಿಸಿದರು.

GADAG VANI Kannada Daily Morning Editor, Printer, Publisher and Owned by NETRAVATI RATHOD, # 55, At-Post: Kalakaleshwar, Gajendragad, Tq-Gajendragad, Dist: Gadag, State:
Karnataka, Pin: 582114, Printed at Shivani Printers, Vivekananda Road, 1st Cross, Gadag, Dist:Gadag, Karnataka, Pin code: 582101.
